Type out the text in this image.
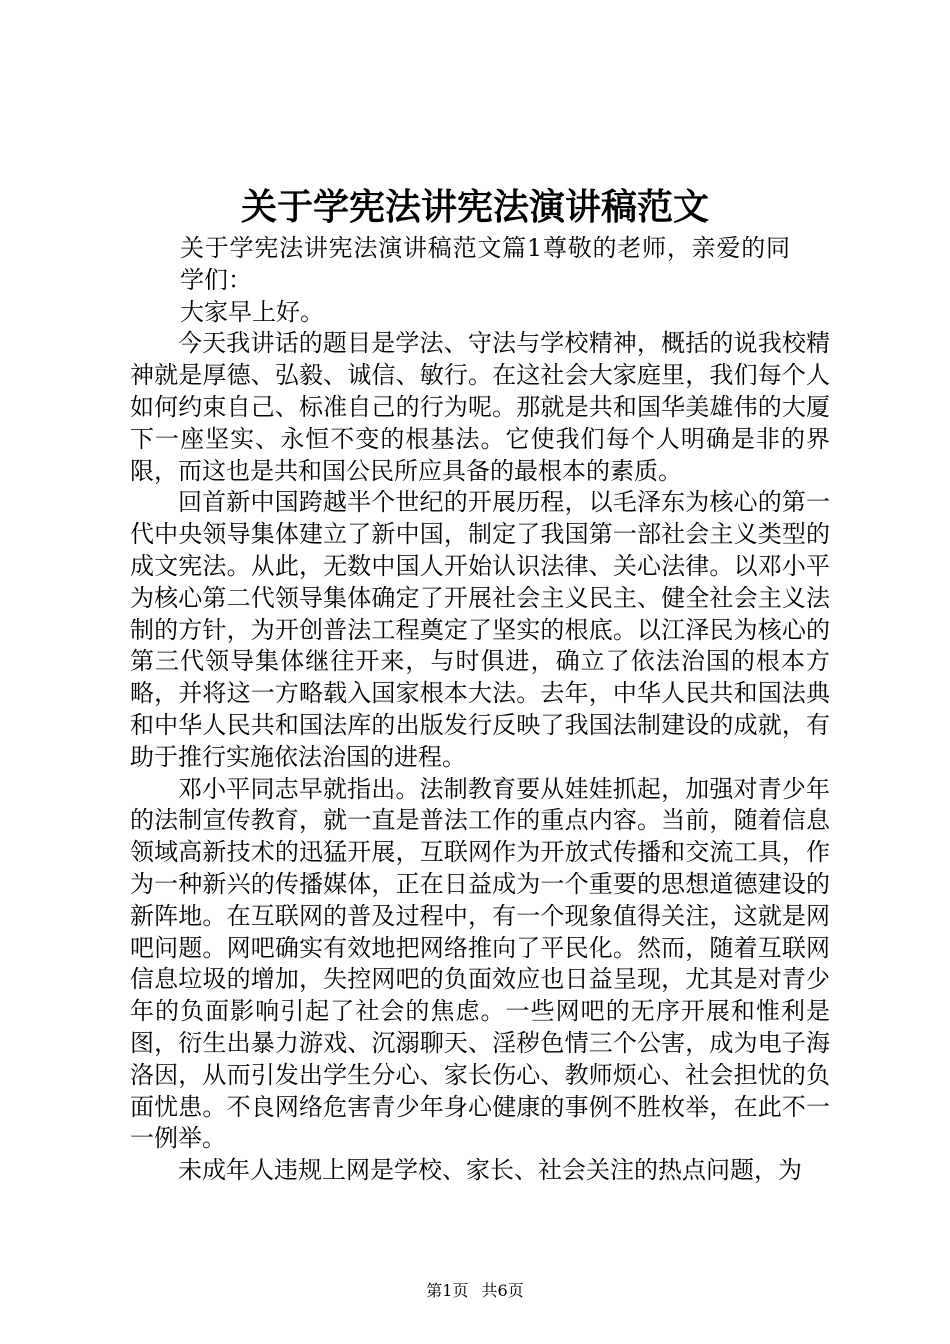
关于学宪法讲宪法演讲稿范文

关于学宪法讲宪法演讲稿范文篇1尊敬的老师，亲爱的同学们：

大家早上好。

今天我讲话的题目是学法、守法与学校精神，概括的说我校精神就是厚德、弘毅、诚信、敏行。在这社会大家庭里，我们每个人如何约束自己、标准自己的行为呢。那就是共和国华美雄伟的大厦下一座坚实、永恒不变的根基法。它使我们每个人明确是非的界限，而这也是共和国公民所应具备的最根本的素质。

回首新中国跨越半个世纪的开展历程，以毛泽东为核心的第一代中央领导集体建立了新中国，制定了我国第一部社会主义类型的成文宪法。从此，无数中国人开始认识法律、关心法律。以邓小平为核心第二代领导集体确定了开展社会主义民主、健全社会主义法制的方针，为开创普法工程奠定了坚实的根底。以江泽民为核心的第三代领导集体继往开来，与时俱进，确立了依法治国的根本方略，并将这一方略载入国家根本大法。去年，中华人民共和国法典和中华人民共和国法库的出版发行反映了我国法制建设的成就，有助于推行实施依法治国的进程。

邓小平同志早就指出。法制教育要从娃娃抓起，加强对青少年的法制宣传教育，就一直是普法工作的重点内容。当前，随着信息领域高新技术的迅猛开展，互联网作为开放式传播和交流工具，作为一种新兴的传播媒体，正在日益成为一个重要的思想道德建设的新阵地。在互联网的普及过程中，有一个现象值得关注，这就是网吧问题。网吧确实有效地把网络推向了平民化。然而，随着互联网信息垃圾的增加，失控网吧的负面效应也日益呈现，尤其是对青少年的负面影响引起了社会的焦虑。一些网吧的无序开展和惟利是图，衍生出暴力游戏、沉溺聊天、淫秽色情三个公害，成为电子海洛因，从而引发出学生分心、家长伤心、教师烦心、社会担忧的负面忧患。不良网络危害青少年身心健康的事例不胜枚举，在此不一一例举。

未成年人违规上网是学校、家长、社会关注的热点问题，为

第1页 共6页
